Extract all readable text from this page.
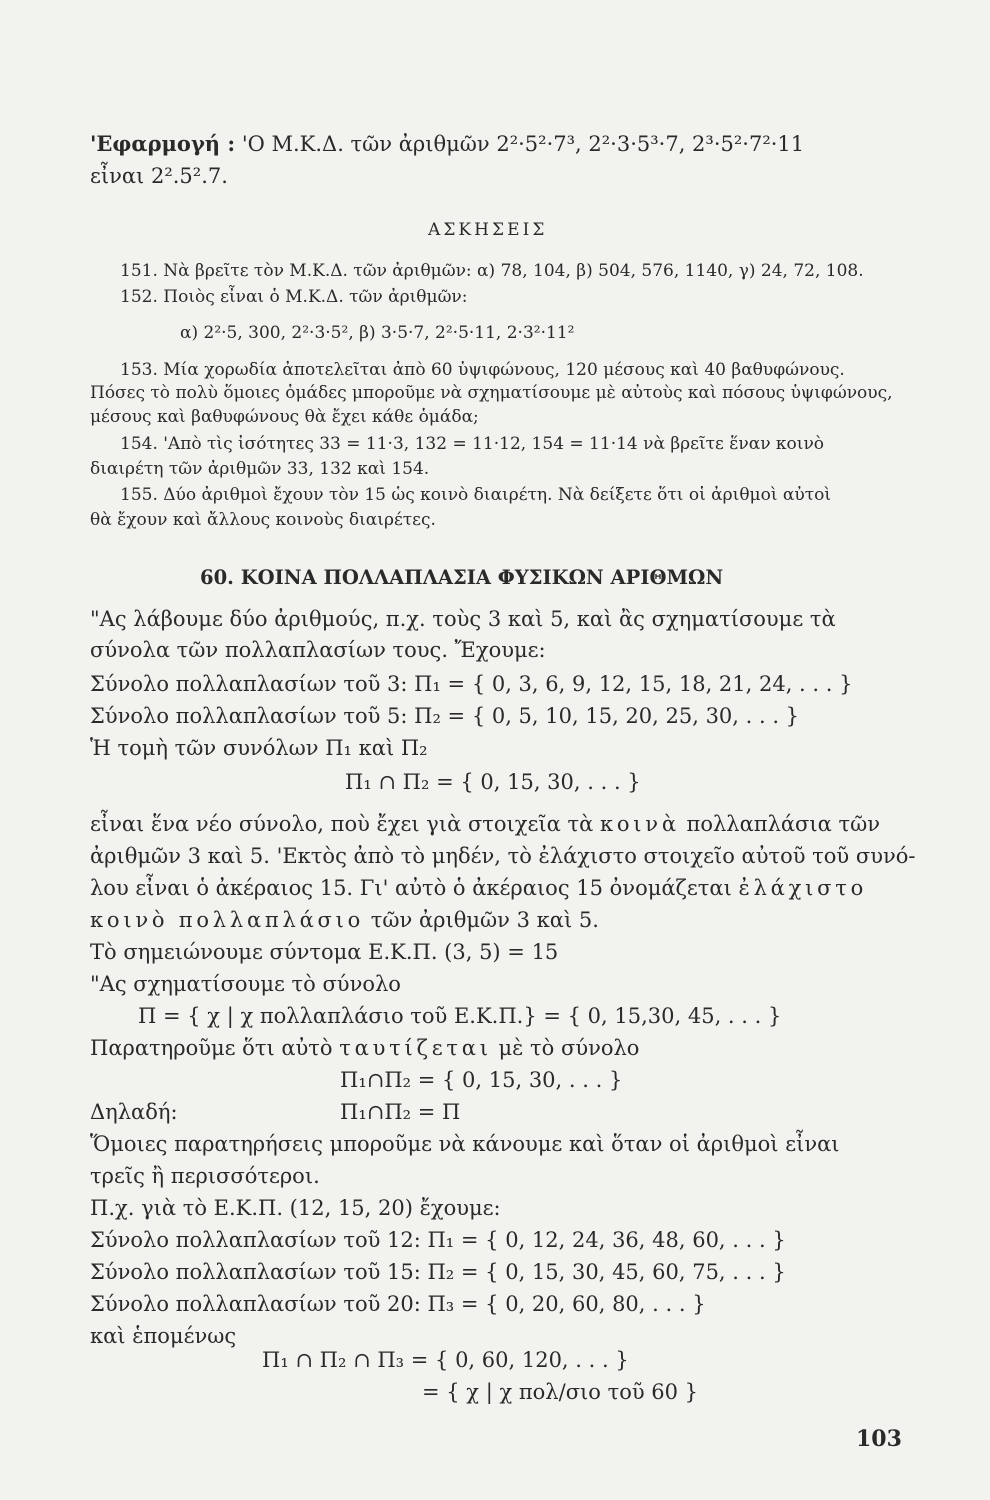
'Εφαρμογή : 'Ο Μ.Κ.Δ. τῶν ἀριθμῶν 2²·5²·7³, 2²·3·5³·7, 2³·5²·7²·11
εἶναι 2².5².7.
ΑΣΚΗΣΕΙΣ
151. Νὰ βρεῖτε τὸν Μ.Κ.Δ. τῶν ἀριθμῶν: α) 78, 104, β) 504, 576, 1140, γ) 24, 72, 108.
152. Ποιὸς εἶναι ὁ Μ.Κ.Δ. τῶν ἀριθμῶν:
α) 2²·5, 300, 2²·3·5², β) 3·5·7, 2²·5·11, 2·3²·11²
153. Μία χορωδία ἀποτελεῖται ἀπὸ 60 ὑψιφώνους, 120 μέσους καὶ 40 βαθυφώνους.
Πόσες τὸ πολὺ ὅμοιες ὁμάδες μποροῦμε νὰ σχηματίσουμε μὲ αὐτοὺς καὶ πόσους ὑψιφώνους,
μέσους καὶ βαθυφώνους θὰ ἔχει κάθε ὁμάδα;
154. 'Απὸ τὶς ἰσότητες 33 = 11·3, 132 = 11·12, 154 = 11·14 νὰ βρεῖτε ἕναν κοινὸ
διαιρέτη τῶν ἀριθμῶν 33, 132 καὶ 154.
155. Δύο ἀριθμοὶ ἔχουν τὸν 15 ὡς κοινὸ διαιρέτη. Νὰ δείξετε ὅτι οἱ ἀριθμοὶ αὐτοὶ
θὰ ἔχουν καὶ ἄλλους κοινοὺς διαιρέτες.
60. ΚΟΙΝΑ ΠΟΛΛΑΠΛΑΣΙΑ ΦΥΣΙΚΩΝ ΑΡΙΘΜΩΝ
"Ας λάβουμε δύο ἀριθμούς, π.χ. τοὺς 3 καὶ 5, καὶ ἂς σχηματίσουμε τὰ
σύνολα τῶν πολλαπλασίων τους. Ἔχουμε:
Σύνολο πολλαπλασίων τοῦ 3: Π₁ = { 0, 3, 6, 9, 12, 15, 18, 21, 24, . . . }
Σύνολο πολλαπλασίων τοῦ 5: Π₂ = { 0, 5, 10, 15, 20, 25, 30, . . . }
Ἡ τομὴ τῶν συνόλων Π₁ καὶ Π₂
Π₁ ∩ Π₂ = { 0, 15, 30, . . . }
εἶναι ἕνα νέο σύνολο, ποὺ ἔχει γιὰ στοιχεῖα τὰ κοινὰ πολλαπλάσια τῶν
ἀριθμῶν 3 καὶ 5. 'Εκτὸς ἀπὸ τὸ μηδέν, τὸ ἐλάχιστο στοιχεῖο αὐτοῦ τοῦ συνό-
λου εἶναι ὁ ἀκέραιος 15. Γι' αὐτὸ ὁ ἀκέραιος 15 ὀνομάζεται ἐλάχιστο
κοινὸ πολλαπλάσιο τῶν ἀριθμῶν 3 καὶ 5.
Τὸ σημειώνουμε σύντομα Ε.Κ.Π. (3, 5) = 15
"Ας σχηματίσουμε τὸ σύνολο
Π = { χ | χ πολλαπλάσιο τοῦ Ε.Κ.Π.} = { 0, 15,30, 45, . . . }
Παρατηροῦμε ὅτι αὐτὸ ταυτίζεται μὲ τὸ σύνολο
Π₁∩Π₂ = { 0, 15, 30, . . . }
Δηλαδή:	Π₁∩Π₂ = Π
Ὅμοιες παρατηρήσεις μποροῦμε νὰ κάνουμε καὶ ὅταν οἱ ἀριθμοὶ εἶναι
τρεῖς ἢ περισσότεροι.
Π.χ. γιὰ τὸ Ε.Κ.Π. (12, 15, 20) ἔχουμε:
Σύνολο πολλαπλασίων τοῦ 12: Π₁ = { 0, 12, 24, 36, 48, 60, . . . }
Σύνολο πολλαπλασίων τοῦ 15: Π₂ = { 0, 15, 30, 45, 60, 75, . . . }
Σύνολο πολλαπλασίων τοῦ 20: Π₃ = { 0, 20, 60, 80, . . . }
καὶ ἑπομένως
Π₁ ∩ Π₂ ∩ Π₃ = { 0, 60, 120, . . . }
= { χ | χ πολ/σιο τοῦ 60 }
103
